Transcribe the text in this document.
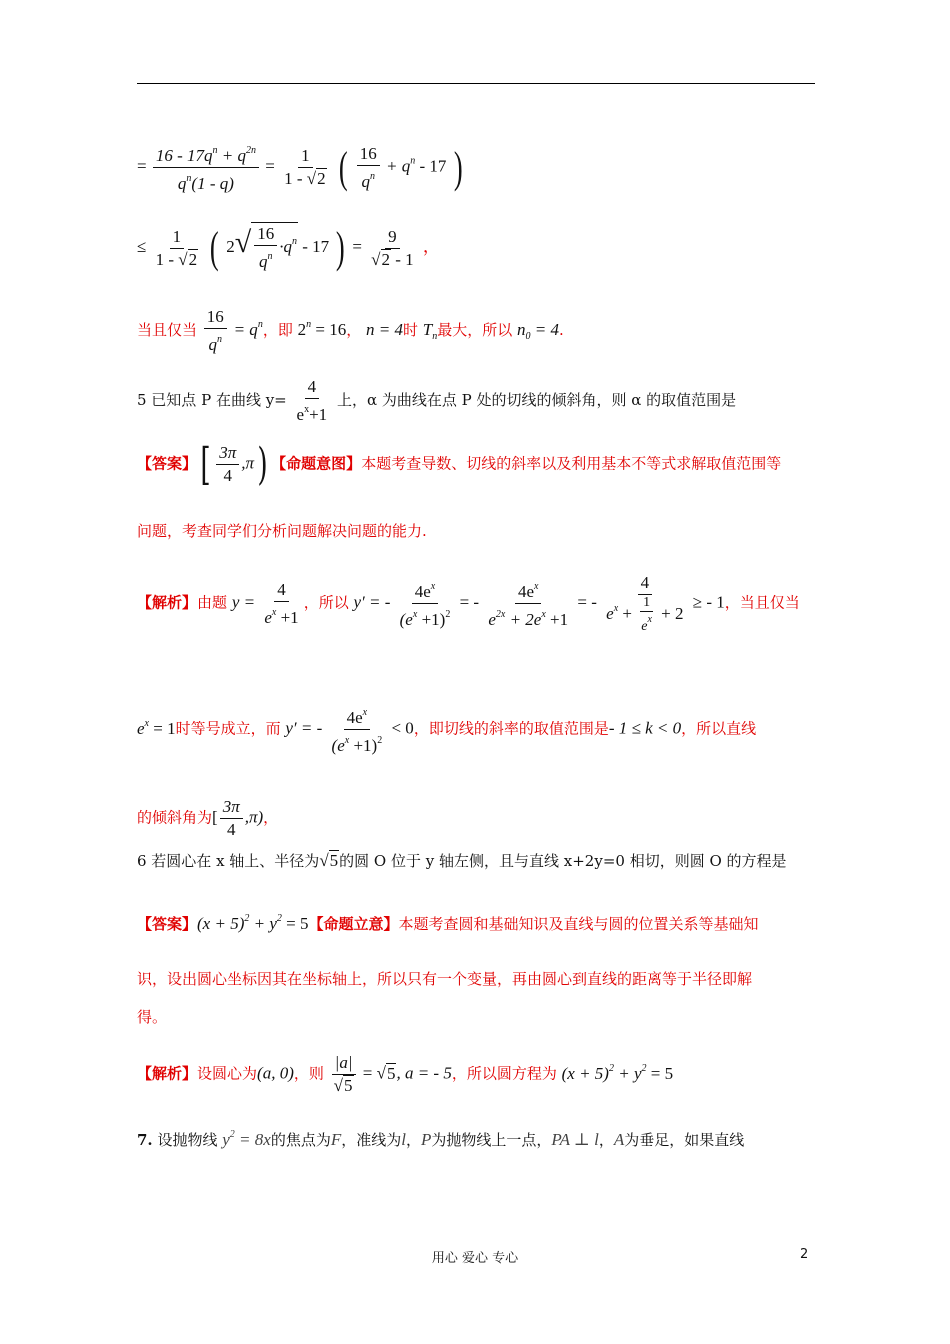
= $\frac{16 - 17q^n + q^{2n}}{q^n(1 - q)} = \frac{1}{1 - √2}$ ( $\frac{16}{q^n} + q^n - 17$ )
≤ $\frac{1}{1 - √2}$ ( $2√ \frac{16}{q^n} \cdot q^n - 17$ ) = $\frac{9}{√2 - 1}$ ，
当且仅当 $\frac{16}{q^n} = q^n$，即 $2^n = 16$， n = 4时 $T_n$最大，所以 $n_0 = 4$.
5 已知点 P 在曲线 $y= \frac{4}{e^x+1}$ 上，α 为曲线在点 P 处的切线的倾斜角，则 α 的取值范围是
【答案】[ $\frac{3\pi}{4} ,\pi$) 【命题意图】本题考查导数、切线的斜率以及利用基本不等式求解取值范围等
问题，考查同学们分析问题解决问题的能力.
【解析】由题 $y = \frac{4}{e^x +1}$ ，所以 y′ = - $\frac{4e^x}{(e^x +1)^2}$ = - $\frac{4e^x}{e^{2x} + 2e^x +1}$ = - $\frac{4}{e^x + \frac{1}{e^x} + 2}$ ≥ - 1，当且仅当
$e^x = 1$时等号成立，而 y′ = - $\frac{4e^x}{(e^x +1)^2} < 0$，即切线的斜率的取值范围是- 1 ≤ k < 0，所以直线
的倾斜角为[ $\frac{3\pi}{4} ,\pi$)，
6 若圆心在 x 轴上、半径为√5的圆 O 位于 y 轴左侧，且与直线 x+2y=0 相切，则圆 O 的方程是
【答案】$(x + 5)^2 + y^2 = 5$【命题立意】本题考查圆和基础知识及直线与圆的位置关系等基础知
识，设出圆心坐标因其在坐标轴上，所以只有一个变量，再由圆心到直线的距离等于半径即解
得。
【解析】设圆心为(a, 0)，则 $\frac{|a|}{√5} = √5$, a = - 5，所以圆方程为 $(x + 5)^2 + y^2 = 5$
7. 设抛物线 $y^2 = 8x$的焦点为F，准线为l，P为抛物线上一点，PA ⊥ l，A为垂足，如果直线
用心 爱心 专心	2
